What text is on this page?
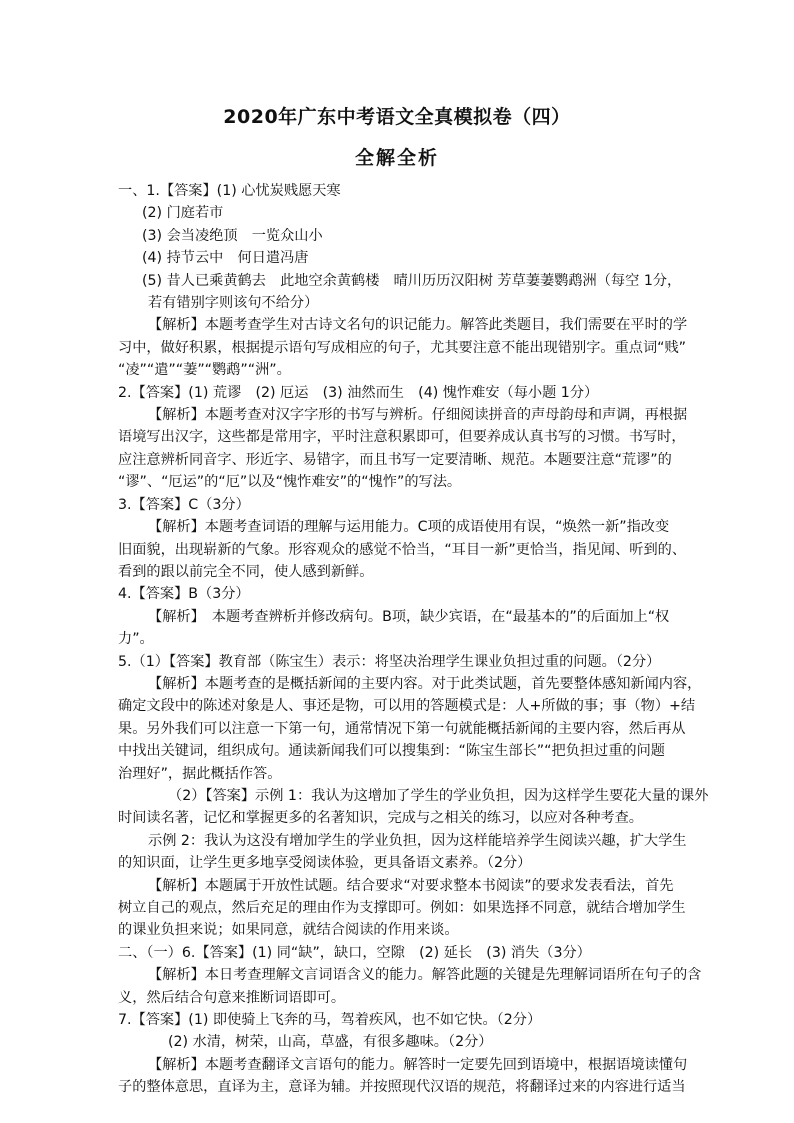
2020年广东中考语文全真模拟卷（四）
全解全析

一、1.【答案】(1) 心忧炭贱愿天寒

(2) 门庭若市

(3) 会当凌绝顶　一览众山小

(4) 持节云中　何日遣冯唐

(5) 昔人已乘黄鹤去　此地空余黄鹤楼　晴川历历汉阳树 芳草萋萋鹦鹉洲（每空 1分，

若有错别字则该句不给分）

【解析】本题考查学生对古诗文名句的识记能力。解答此类题目，我们需要在平时的学

习中，做好积累，根据提示语句写成相应的句子，尤其要注意不能出现错别字。重点词“贱”

“凌”“遣”“萋”“鹦鹉”“洲”。

2.【答案】(1) 荒谬　(2) 厄运　(3) 油然而生　(4) 愧怍难安（每小题 1分）

【解析】本题考查对汉字字形的书写与辨析。仔细阅读拼音的声母韵母和声调，再根据

语境写出汉字，这些都是常用字，平时注意积累即可，但要养成认真书写的习惯。书写时，

应注意辨析同音字、形近字、易错字，而且书写一定要清晰、规范。本题要注意“荒谬”的

“谬”、“厄运”的“厄”以及“愧怍难安”的“愧怍”的写法。

3.【答案】C（3分）

【解析】本题考查词语的理解与运用能力。C项的成语使用有误，“焕然一新”指改变

旧面貌，出现崭新的气象。形容观众的感觉不恰当，“耳目一新”更恰当，指见闻、听到的、

看到的跟以前完全不同，使人感到新鲜。

4.【答案】B（3分）

【解析】　本题考查辨析并修改病句。B项，缺少宾语，在“最基本的”的后面加上“权

力”。

5.（1）【答案】教育部（陈宝生）表示：将坚决治理学生课业负担过重的问题。（2分）

【解析】本题考查的是概括新闻的主要内容。对于此类试题，首先要整体感知新闻内容，

确定文段中的陈述对象是人、事还是物，可以用的答题模式是：人+所做的事；事（物）+结

果。另外我们可以注意一下第一句，通常情况下第一句就能概括新闻的主要内容，然后再从

中找出关键词，组织成句。通读新闻我们可以搜集到：“陈宝生部长”“把负担过重的问题

治理好”，据此概括作答。

（2）【答案】示例 1：我认为这增加了学生的学业负担，因为这样学生要花大量的课外

时间读名著，记忆和掌握更多的名著知识，完成与之相关的练习，以应对各种考查。

示例 2：我认为这没有增加学生的学业负担，因为这样能培养学生阅读兴趣，扩大学生

的知识面，让学生更多地享受阅读体验，更具备语文素养。（2分）

【解析】本题属于开放性试题。结合要求“对要求整本书阅读”的要求发表看法，首先

树立自己的观点，然后充足的理由作为支撑即可。例如：如果选择不同意，就结合增加学生

的课业负担来说；如果同意，就结合阅读的作用来谈。

二、（一）6.【答案】(1) 同“缺”，缺口，空隙　(2) 延长　(3) 消失（3分）

【解析】本日考查理解文言词语含义的能力。解答此题的关键是先理解词语所在句子的含

义，然后结合句意来推断词语即可。

7.【答案】(1) 即使骑上飞奔的马，驾着疾风，也不如它快。（2分）

(2) 水清，树荣，山高，草盛，有很多趣味。（2分）

【解析】本题考查翻译文言语句的能力。解答时一定要先回到语境中，根据语境读懂句

子的整体意思，直译为主，意译为辅。并按照现代汉语的规范，将翻译过来的内容进行适当
